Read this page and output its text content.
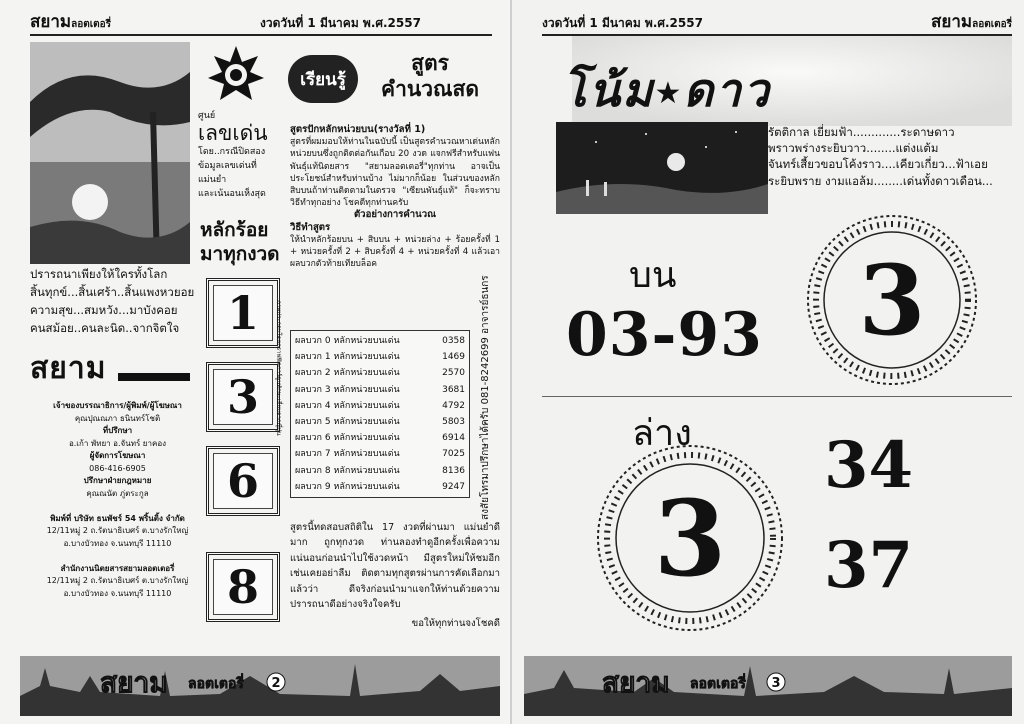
สยามลอตเตอรี่	งวดวันที่ 1 มีนาคม พ.ศ.2557
ปรารถนาเพียงให้ใครทั้งโลก
สิ้นทุกข์...สิ้นเศร้า..สิ้นแพงหวยอย
ความสุข...สมหวัง...มาบังคอย
คนสม้อย..คนละนิด..จากจิตใจ
สยาม
เจ้าของบรรณาธิการ/ผู้พิมพ์/ผู้โฆษณา
คุณปุณณภา ธนินทร์โชติ
ที่ปรึกษา
อ.เก้า พัทยา อ.จันทร์ ยาคอง
ผู้จัดการโฆษณา
086-416-6905
ปรึกษาฝ่ายกฎหมาย
คุณณนัต ภู่ตระกูล

พิมพ์ที่ บริษัท ธนพัชร์ 54 พริ้นติ้ง จำกัด
12/11หมู่ 2 ถ.รัตนาธิเบศร์ ต.บางรักใหญ่
อ.บางบัวทอง จ.นนทบุรี 11110

สำนักงานนิตยสารสยามลอตเตอรี่
12/11หมู่ 2 ถ.รัตนาธิเบศร์ ต.บางรักใหญ่
อ.บางบัวทอง จ.นนทบุรี 11110
ศูนย์
เลขเด่น
โดย..กรณีปิดสอง
ข้อมูลเลขเด่นที่แม่นยำ
และเน้นอนเห็งสุด
หลักร้อย
มาทุกงวด
1
3
6
8
ภาพประกอบโดยกราฟฟิคการ์ตูนทักษะเยี่ยมจากญี่ปุ่น
เรียนรู้
สูตร
คำนวณสด
สูตรปักหลักหน่วยบน(รางวัลที่ 1)
สูตรที่ผมมอบให้ท่านในฉบับนี้ เป็นสูตรคำนวณหาเด่นหลักหน่วยบนซึ่งถูกติดต่อกันเกือบ 20 งวด แจกฟรีสำหรับแฟนพันธุ์แท้นิตยสาร "สยามลอตเตอรี่"ทุกท่าน อาจเป็นประโยชน์สำหรับท่านบ้าง ไม่มากก็น้อย ในส่วนของหลักสิบบนถ้าท่านติดตามในตรวจ "เซียนพันธุ์แท้" ก็จะทราบวิธีทำทุกอย่าง โชคดีทุกท่านครับ
ตัวอย่างการคำนวณ
วิธีทำสูตร
ให้นำหลักร้อยบน + สิบบน + หน่วยล่าง + ร้อยครั้งที่ 1 + หน่วยครั้งที่ 2 + สิบครั้งที่ 4 + หน่วยครั้งที่ 4 แล้วเอาผลบวกตัวท้ายเทียบล็อค
ผลบวก 0 หลักหน่วยบนเด่น	0358
ผลบวก 1 หลักหน่วยบนเด่น	1469
ผลบวก 2 หลักหน่วยบนเด่น	2570
ผลบวก 3 หลักหน่วยบนเด่น	3681
ผลบวก 4 หลักหน่วยบนเด่น	4792
ผลบวก 5 หลักหน่วยบนเด่น	5803
ผลบวก 6 หลักหน่วยบนเด่น	6914
ผลบวก 7 หลักหน่วยบนเด่น	7025
ผลบวก 8 หลักหน่วยบนเด่น	8136
ผลบวก 9 หลักหน่วยบนเด่น	9247 สงสัยโทรมาปรึกษาได้ครับ 081-8242699 อาจารย์ธนกร
สูตรนี้ทดสอบสถิติใน 17 งวดที่ผ่านมา แม่นยำดีมาก ถูกทุกงวด ท่านลองทำดูอีกครั้งเพื่อความแน่นอนก่อนนำไปใช้งวดหน้า มีสูตรใหม่ให้ชมอีกเช่นเคยอย่าลืม ติดตามทุกสูตรผ่านการคัดเลือกมาแล้วว่า ดีจริงก่อนนำมาแจกให้ท่านด้วยความปรารถนาดีอย่างจริงใจครับ
ขอให้ทุกท่านจงโชคดี
สยาม ลอตเตอรี่ 2
งวดวันที่ 1 มีนาคม พ.ศ.2557	สยามลอตเตอรี่
โน้ม★ดาว
รัตติกาล เยี่ยมฟ้า.............ระดาษดาว
พราวพร่างระยิบวาว........แต่งแต้ม
จันทร์เสี้ยวขอบโค้งราว....เคียวเกี่ยว...ฟ้าเอย
ระยิบพราย งามแอล้ม........เด่นทั้งดาวเดือน...
บน
03-93 3
ล่าง
3
34
37
สยาม ลอตเตอรี่ 3
